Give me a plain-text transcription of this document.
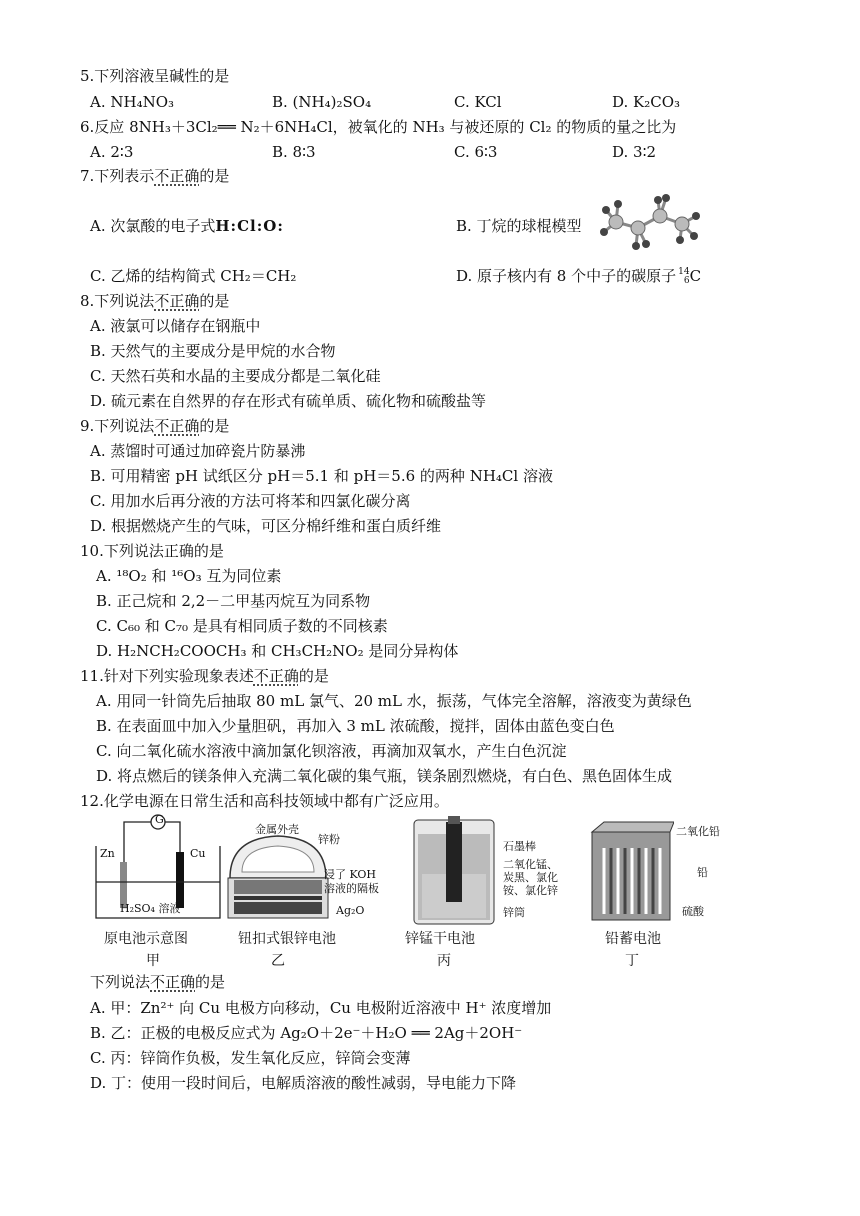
5.下列溶液呈碱性的是
A. NH₄NO₃	B. (NH₄)₂SO₄	C. KCl	D. K₂CO₃
6.反应 8NH₃＋3Cl₂══ N₂＋6NH₄Cl，被氧化的 NH₃ 与被还原的 Cl₂ 的物质的量之比为
A. 2∶3	B. 8∶3	C. 6∶3	D. 3∶2
7.下列表示不正确的是
A. 次氯酸的电子式H:Cl:O:	B. 丁烷的球棍模型
C. 乙烯的结构简式 CH₂＝CH₂	D. 原子核内有 8 个中子的碳原子 14
6C
8.下列说法不正确的是
A. 液氯可以储存在钢瓶中
B. 天然气的主要成分是甲烷的水合物
C. 天然石英和水晶的主要成分都是二氧化硅
D. 硫元素在自然界的存在形式有硫单质、硫化物和硫酸盐等
9.下列说法不正确的是
A. 蒸馏时可通过加碎瓷片防暴沸
B. 可用精密 pH 试纸区分 pH＝5.1 和 pH＝5.6 的两种 NH₄Cl 溶液
C. 用加水后再分液的方法可将苯和四氯化碳分离
D. 根据燃烧产生的气味，可区分棉纤维和蛋白质纤维
10.下列说法正确的是
A. ¹⁸O₂ 和 ¹⁶O₃ 互为同位素
B. 正己烷和 2,2－二甲基丙烷互为同系物
C. C₆₀ 和 C₇₀ 是具有相同质子数的不同核素
D. H₂NCH₂COOCH₃ 和 CH₃CH₂NO₂ 是同分异构体
11.针对下列实验现象表述不正确的是
A. 用同一针筒先后抽取 80 mL 氯气、20 mL 水，振荡，气体完全溶解，溶液变为黄绿色
B. 在表面皿中加入少量胆矾，再加入 3 mL 浓硫酸，搅拌，固体由蓝色变白色
C. 向二氧化硫水溶液中滴加氯化钡溶液，再滴加双氧水，产生白色沉淀
D. 将点燃后的镁条伸入充满二氧化碳的集气瓶，镁条剧烈燃烧，有白色、黑色固体生成
12.化学电源在日常生活和高科技领域中都有广泛应用。
G
Zn	Cu
H₂SO₄ 溶液
原电池示意图
甲
金属外壳
锌粉
浸了 KOH
溶液的隔板
Ag₂O
钮扣式银锌电池
乙
石墨棒
二氧化锰、
炭黑、氯化
铵、氯化锌
锌筒
锌锰干电池
丙
二氧化铅
铅
硫酸
铅蓄电池
丁
下列说法不正确的是
A. 甲：Zn²⁺ 向 Cu 电极方向移动，Cu 电极附近溶液中 H⁺ 浓度增加
B. 乙：正极的电极反应式为 Ag₂O＋2e⁻＋H₂O ══ 2Ag＋2OH⁻
C. 丙：锌筒作负极，发生氧化反应，锌筒会变薄
D. 丁：使用一段时间后，电解质溶液的酸性减弱，导电能力下降
